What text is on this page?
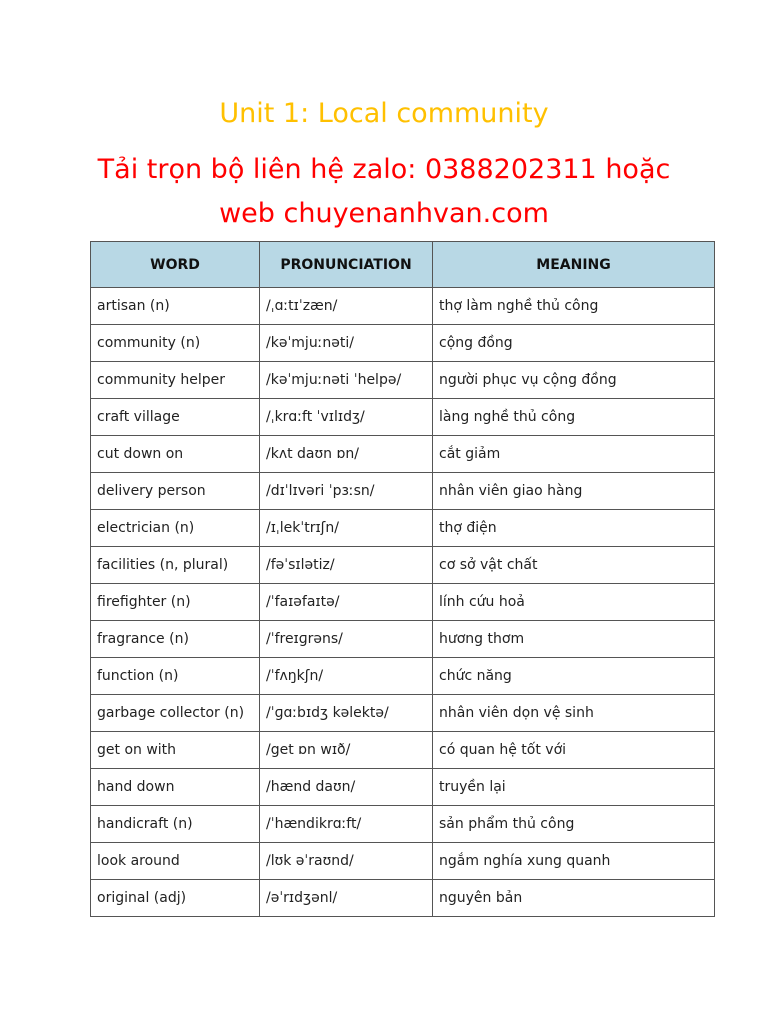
Unit 1: Local community
Tải trọn bộ liên hệ zalo: 0388202311 hoặc
web chuyenanhvan.com
WORD	PRONUNCIATION	MEANING
artisan (n)	/ˌɑːtɪˈzæn/	thợ làm nghề thủ công
community (n)	/kəˈmjuːnəti/	cộng đồng
community helper	/kəˈmjuːnəti ˈhelpə/	người phục vụ cộng đồng
craft village	/ˌkrɑːft ˈvɪlɪdʒ/	làng nghề thủ công
cut down on	/kʌt daʊn ɒn/	cắt giảm
delivery person	/dɪˈlɪvəri ˈpɜːsn/	nhân viên giao hàng
electrician (n)	/ɪˌlekˈtrɪʃn/	thợ điện
facilities (n, plural)	/fəˈsɪlətiz/	cơ sở vật chất
firefighter (n)	/ˈfaɪəfaɪtə/	lính cứu hoả
fragrance (n)	/ˈfreɪɡrəns/	hương thơm
function (n)	/ˈfʌŋkʃn/	chức năng
garbage collector (n)	/ˈɡɑːbɪdʒ kəlektə/	nhân viên dọn vệ sinh
get on with	/get ɒn wɪð/	có quan hệ tốt với
hand down	/hænd daʊn/	truyền lại
handicraft (n)	/ˈhændikrɑːft/	sản phẩm thủ công
look around	/lʊk əˈraʊnd/	ngắm nghía xung quanh
original (adj)	/əˈrɪdʒənl/	nguyên bản
